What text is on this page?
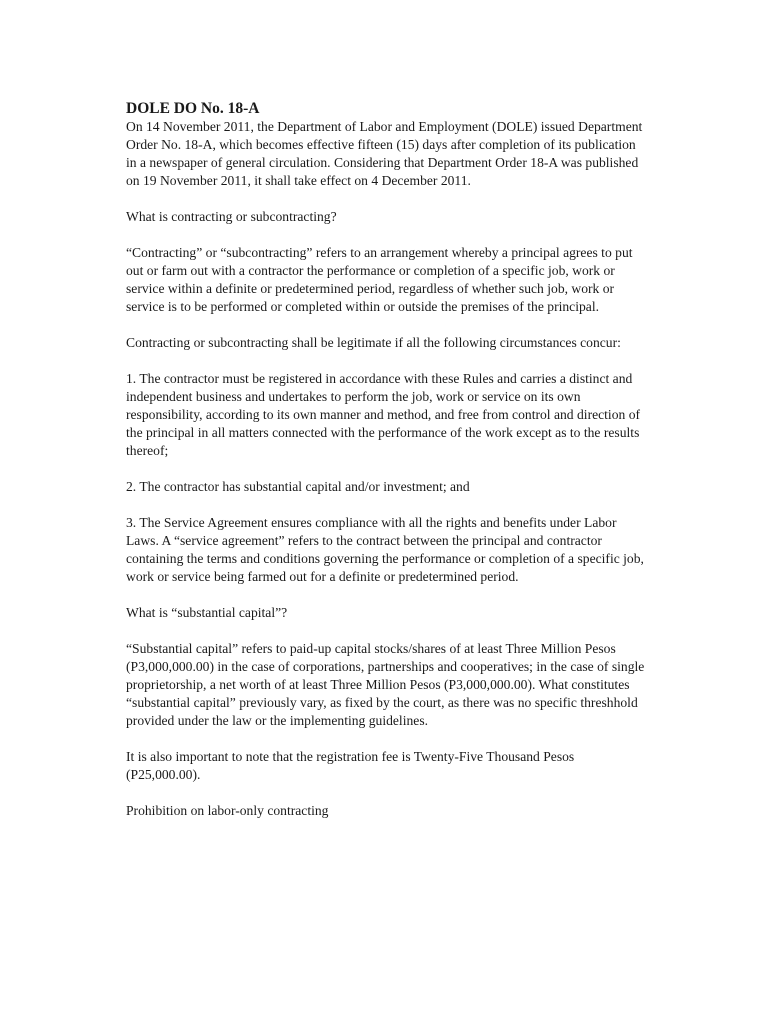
DOLE DO No. 18-A

On 14 November 2011, the Department of Labor and Employment (DOLE) issued Department Order No. 18-A, which becomes effective fifteen (15) days after completion of its publication in a newspaper of general circulation. Considering that Department Order 18-A was published on 19 November 2011, it shall take effect on 4 December 2011.

What is contracting or subcontracting?

“Contracting” or “subcontracting” refers to an arrangement whereby a principal agrees to put out or farm out with a contractor the performance or completion of a specific job, work or service within a definite or predetermined period, regardless of whether such job, work or service is to be performed or completed within or outside the premises of the principal.

Contracting or subcontracting shall be legitimate if all the following circumstances concur:

1. The contractor must be registered in accordance with these Rules and carries a distinct and independent business and undertakes to perform the job, work or service on its own responsibility, according to its own manner and method, and free from control and direction of the principal in all matters connected with the performance of the work except as to the results thereof;

2. The contractor has substantial capital and/or investment; and

3. The Service Agreement ensures compliance with all the rights and benefits under Labor Laws. A “service agreement” refers to the contract between the principal and contractor containing the terms and conditions governing the performance or completion of a specific job, work or service being farmed out for a definite or predetermined period.

What is “substantial capital”?

“Substantial capital” refers to paid-up capital stocks/shares of at least Three Million Pesos (P3,000,000.00) in the case of corporations, partnerships and cooperatives; in the case of single proprietorship, a net worth of at least Three Million Pesos (P3,000,000.00). What constitutes “substantial capital” previously vary, as fixed by the court, as there was no specific threshhold provided under the law or the implementing guidelines.

It is also important to note that the registration fee is Twenty-Five Thousand Pesos (P25,000.00).

Prohibition on labor-only contracting
